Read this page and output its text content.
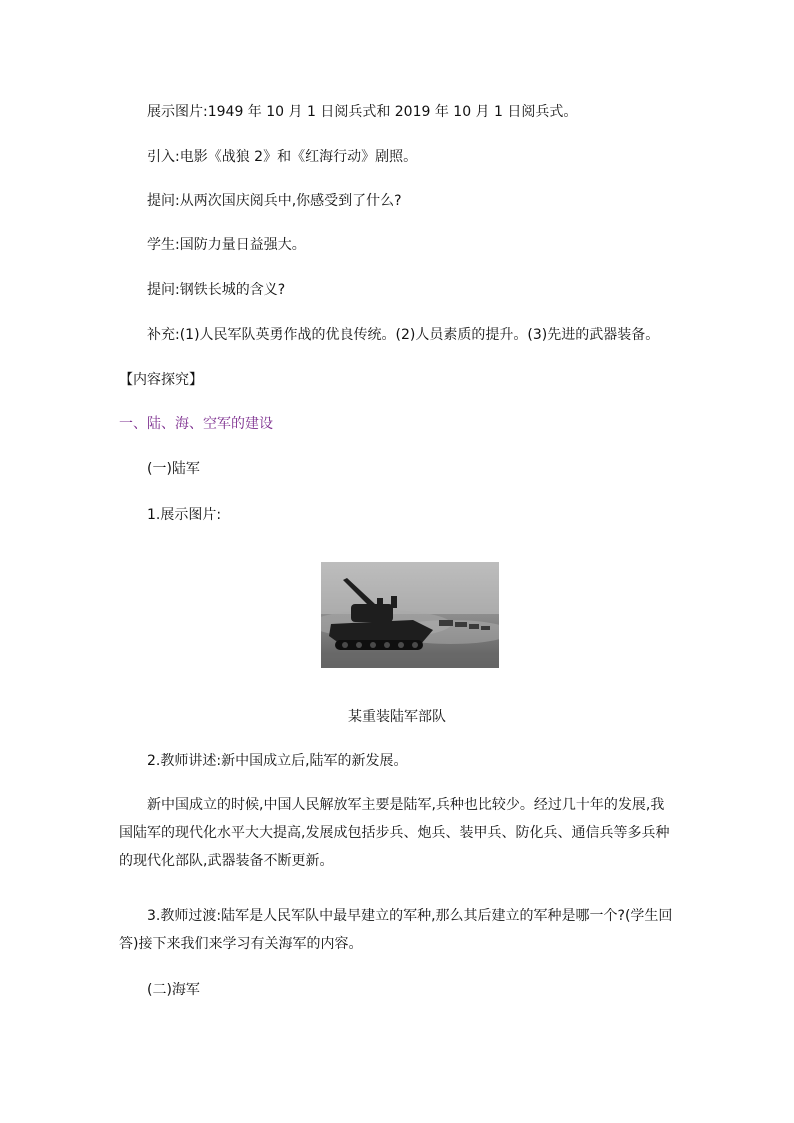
展示图片:1949 年 10 月 1 日阅兵式和 2019 年 10 月 1 日阅兵式。
引入:电影《战狼 2》和《红海行动》剧照。
提问:从两次国庆阅兵中,你感受到了什么?
学生:国防力量日益强大。
提问:钢铁长城的含义?
补充:(1)人民军队英勇作战的优良传统。(2)人员素质的提升。(3)先进的武器装备。
【内容探究】
一、陆、海、空军的建设
(一)陆军
1.展示图片:
某重装陆军部队
2.教师讲述:新中国成立后,陆军的新发展。
新中国成立的时候,中国人民解放军主要是陆军,兵种也比较少。经过几十年的发展,我国陆军的现代化水平大大提高,发展成包括步兵、炮兵、装甲兵、防化兵、通信兵等多兵种的现代化部队,武器装备不断更新。
3.教师过渡:陆军是人民军队中最早建立的军种,那么其后建立的军种是哪一个?(学生回答)接下来我们来学习有关海军的内容。
(二)海军
